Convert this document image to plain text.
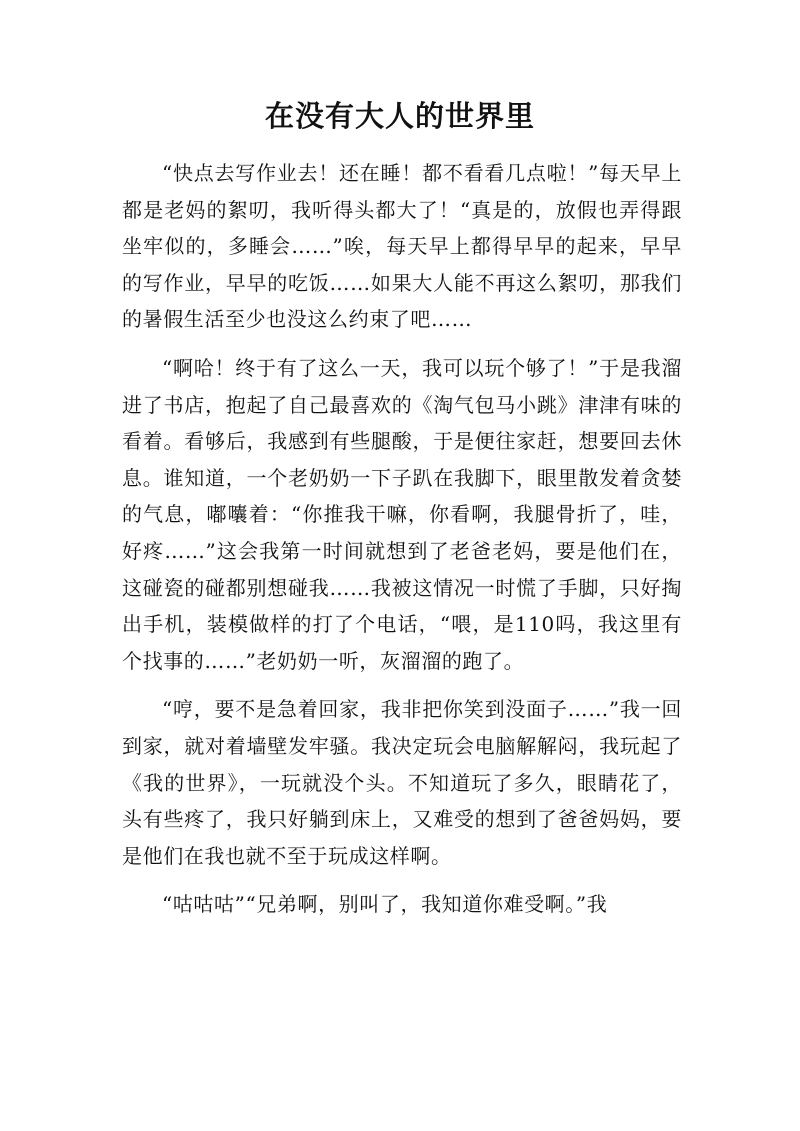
在没有大人的世界里

“快点去写作业去！还在睡！都不看看几点啦！”每天早上都是老妈的絮叨，我听得头都大了！“真是的，放假也弄得跟坐牢似的，多睡会……”唉，每天早上都得早早的起来，早早的写作业，早早的吃饭……如果大人能不再这么絮叨，那我们的暑假生活至少也没这么约束了吧……

“啊哈！终于有了这么一天，我可以玩个够了！”于是我溜进了书店，抱起了自己最喜欢的《淘气包马小跳》津津有味的看着。看够后，我感到有些腿酸，于是便往家赶，想要回去休息。谁知道，一个老奶奶一下子趴在我脚下，眼里散发着贪婪的气息，嘟囔着：“你推我干嘛，你看啊，我腿骨折了，哇，好疼……”这会我第一时间就想到了老爸老妈，要是他们在，这碰瓷的碰都别想碰我……我被这情况一时慌了手脚，只好掏出手机，装模做样的打了个电话，“喂，是110吗，我这里有个找事的……”老奶奶一听，灰溜溜的跑了。

“哼，要不是急着回家，我非把你笑到没面子……”我一回到家，就对着墙壁发牢骚。我决定玩会电脑解解闷，我玩起了《我的世界》，一玩就没个头。不知道玩了多久，眼睛花了，头有些疼了，我只好躺到床上，又难受的想到了爸爸妈妈，要是他们在我也就不至于玩成这样啊。

“咕咕咕”“兄弟啊，别叫了，我知道你难受啊。”我
